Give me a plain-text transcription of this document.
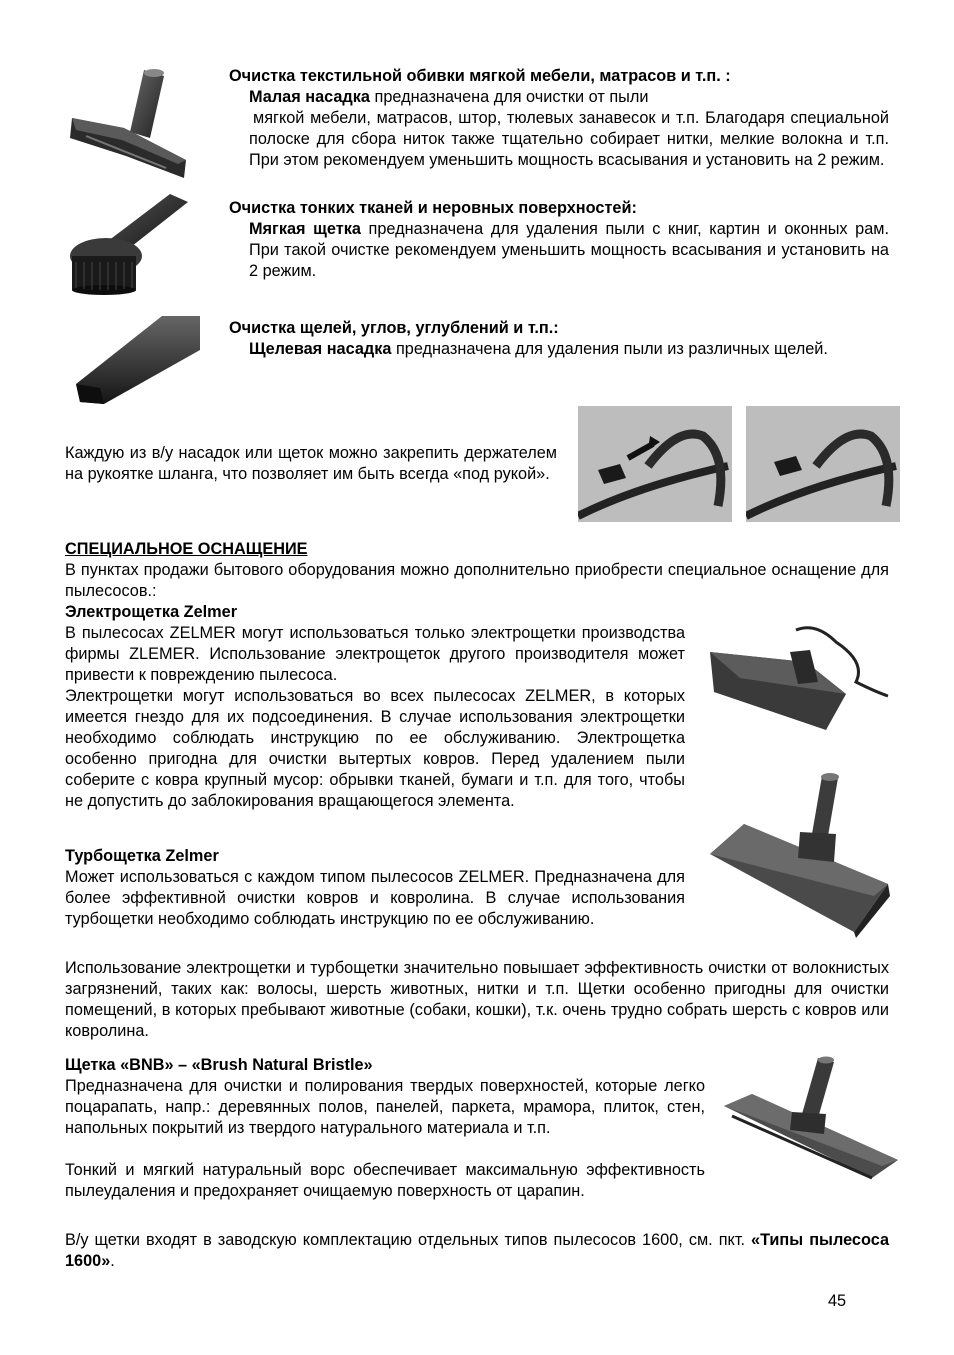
Очистка текстильной обивки мягкой мебели, матрасов и т.п. :
Малая насадка предназначена для очистки от пыли

мягкой мебели, матрасов, штор, тюлевых занавесок и т.п. Благодаря специальной полоске для сбора ниток также тщательно собирает нитки, мелкие волокна и т.п. При этом рекомендуем уменьшить мощность всасывания и установить на 2 режим.

Очистка тонких тканей и неровных поверхностей:

Мягкая щетка предназначена для удаления пыли с книг, картин и оконных рам. При такой очистке рекомендуем уменьшить мощность всасывания и установить на 2 режим.

Очистка щелей, углов, углублений и т.п.:

Щелевая насадка предназначена для удаления пыли из различных щелей.

Каждую из в/у насадок или щеток можно закрепить держателем на рукоятке шланга, что позволяет им быть всегда «под рукой».

СПЕЦИАЛЬНОЕ ОСНАЩЕНИЕ

В пунктах продажи бытового оборудования можно дополнительно приобрести специальное оснащение для пылесосов.:

Электрощетка Zelmer

В пылесосах ZELMER могут использоваться только электрощетки производства фирмы ZLEMER. Использование электрощеток другого производителя может привести к повреждению пылесоса.

Электрощетки могут использоваться во всех пылесосах ZELMER, в которых имеется гнездо для их подсоединения. В случае использования электрощетки необходимо соблюдать инструкцию по ее обслуживанию. Электрощетка особенно пригодна для очистки вытертых ковров. Перед удалением пыли соберите с ковра крупный мусор: обрывки тканей, бумаги и т.п. для того, чтобы не допустить до заблокирования вращающегося элемента.

Турбощетка Zelmer

Может использоваться с каждом типом пылесосов ZELMER. Предназначена для более эффективной очистки ковров и ковролина. В случае использования турбощетки необходимо соблюдать инструкцию по ее обслуживанию.

Использование электрощетки и турбощетки значительно повышает эффективность очистки от волокнистых загрязнений, таких как: волосы, шерсть животных, нитки и т.п. Щетки особенно пригодны для очистки помещений, в которых пребывают животные (собаки, кошки), т.к. очень трудно собрать шерсть с ковров или ковролина.

Щетка «BNB» – «Brush Natural Bristle»

Предназначена для очистки и полирования твердых поверхностей, которые легко поцарапать, напр.: деревянных полов, панелей, паркета, мрамора, плиток, стен, напольных покрытий из твердого натурального материала и т.п.

Тонкий и мягкий натуральный ворс обеспечивает максимальную эффективность пылеудаления и предохраняет очищаемую поверхность от царапин.

В/у щетки входят в заводскую комплектацию отдельных типов пылесосов 1600, см. пкт. «Типы пылесоса 1600».

45
